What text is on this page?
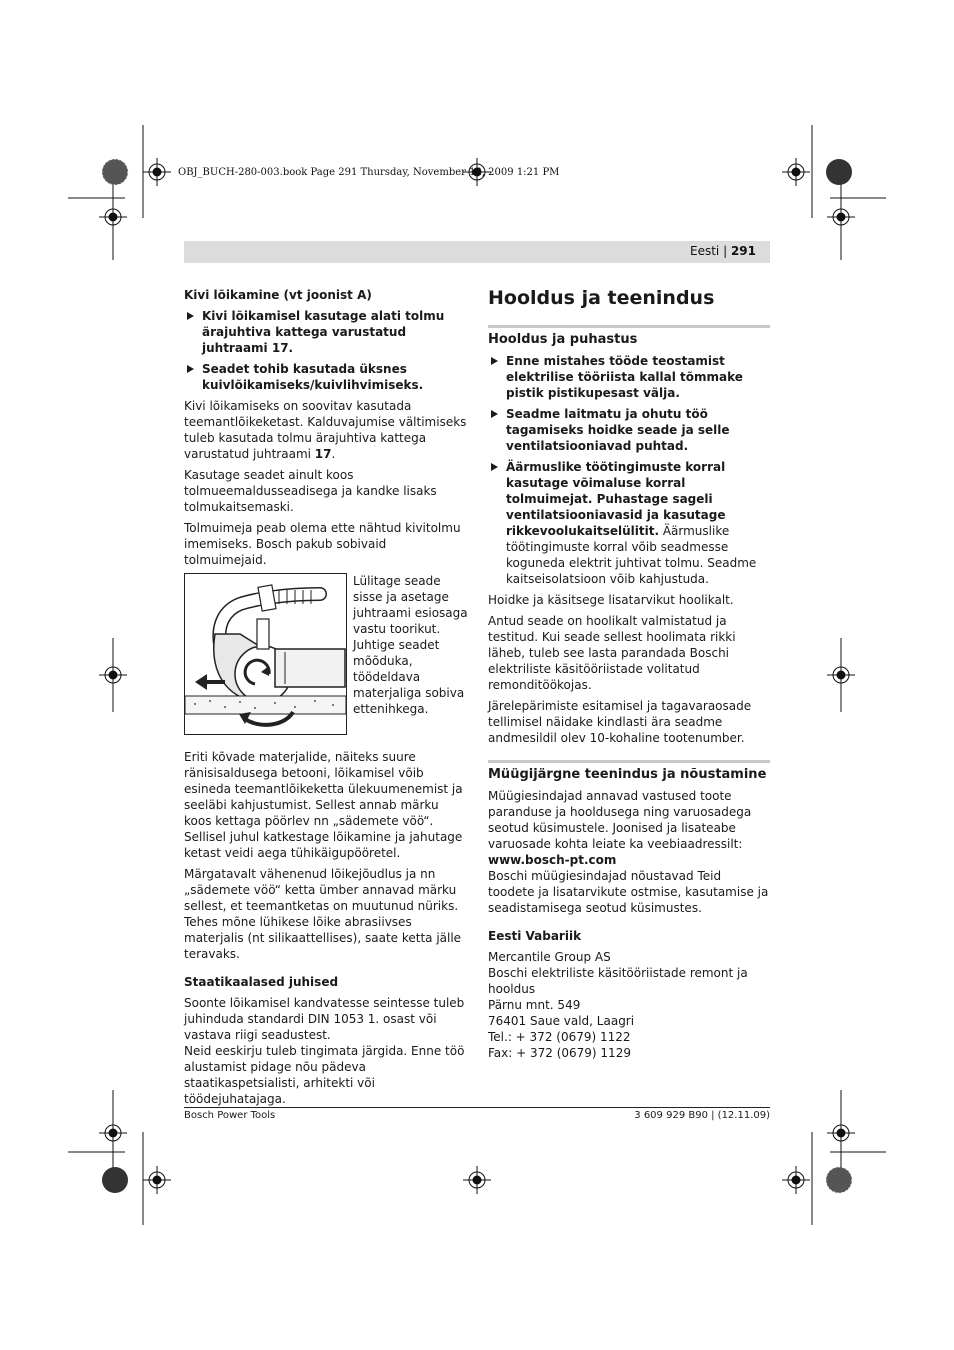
OBJ_BUCH-280-003.book Page 291 Thursday, November 12, 2009 1:21 PM
Eesti | 291
Kivi lõikamine (vt joonist A)
Kivi lõikamisel kasutage alati tolmu ärajuhtiva kattega varustatud juhtraami 17.
Seadet tohib kasutada üksnes kuivlõikamiseks/kuivlihvimiseks.

Kivi lõikamiseks on soovitav kasutada teemantlõikeketast. Kalduvajumise vältimiseks tuleb kasutada tolmu ärajuhtiva kattega varustatud juhtraami 17.

Kasutage seadet ainult koos tolmueemaldusseadisega ja kandke lisaks tolmukaitsemaski.

Tolmuimeja peab olema ette nähtud kivitolmu imemiseks. Bosch pakub sobivaid tolmuimejaid.

Lülitage seade sisse ja asetage juhtraami esiosaga vastu toorikut. Juhtige seadet mõõduka, töödeldava materjaliga sobiva ettenihkega.

Eriti kõvade materjalide, näiteks suure ränisisaldusega betooni, lõikamisel võib esineda teemantlõikeketta ülekuumenemist ja seeläbi kahjustumist. Sellest annab märku koos kettaga pöörlev nn „sädemete vöö“.

Sellisel juhul katkestage lõikamine ja jahutage ketast veidi aega tühikäigupööretel.

Märgatavalt vähenenud lõikejõudlus ja nn „sädemete vöö“ ketta ümber annavad märku sellest, et teemantketas on muutunud nüriks. Tehes mõne lühikese lõike abrasiivses materjalis (nt silikaattellises), saate ketta jälle teravaks.

Staatikaalased juhised

Soonte lõikamisel kandvatesse seintesse tuleb juhinduda standardi DIN 1053 1. osast või vastava riigi seadustest.

Neid eeskirju tuleb tingimata järgida. Enne töö alustamist pidage nõu pädeva staatikaspetsialisti, arhitekti või töödejuhatajaga.

Hooldus ja teenindus
Hooldus ja puhastus
Enne mistahes tööde teostamist elektrilise tööriista kallal tõmmake pistik pistikupesast välja.
Seadme laitmatu ja ohutu töö tagamiseks hoidke seade ja selle ventilatsiooniavad puhtad.
Äärmuslike töötingimuste korral kasutage võimaluse korral tolmuimejat. Puhastage sageli ventilatsiooniavasid ja kasutage rikkevoolukaitselülitit. Äärmuslike töötingimuste korral võib seadmesse koguneda elektrit juhtivat tolmu. Seadme kaitseisolatsioon võib kahjustuda.

Hoidke ja käsitsege lisatarvikut hoolikalt.

Antud seade on hoolikalt valmistatud ja testitud. Kui seade sellest hoolimata rikki läheb, tuleb see lasta parandada Boschi elektriliste käsitööriistade volitatud remonditöökojas.

Järelepärimiste esitamisel ja tagavaraosade tellimisel näidake kindlasti ära seadme andmesildil olev 10-kohaline tootenumber.

Müügijärgne teenindus ja nõustamine

Müügiesindajad annavad vastused toote paranduse ja hooldusega ning varuosadega seotud küsimustele. Joonised ja lisateabe varuosade kohta leiate ka veebiaadressilt:

www.bosch-pt.com

Boschi müügiesindajad nõustavad Teid toodete ja lisatarvikute ostmise, kasutamise ja seadistamisega seotud küsimustes.

Eesti Vabariik
Mercantile Group AS
Boschi elektriliste käsitööriistade remont ja hooldus
Pärnu mnt. 549
76401 Saue vald, Laagri
Tel.: + 372 (0679) 1122
Fax: + 372 (0679) 1129
Bosch Power Tools	3 609 929 B90 | (12.11.09)
